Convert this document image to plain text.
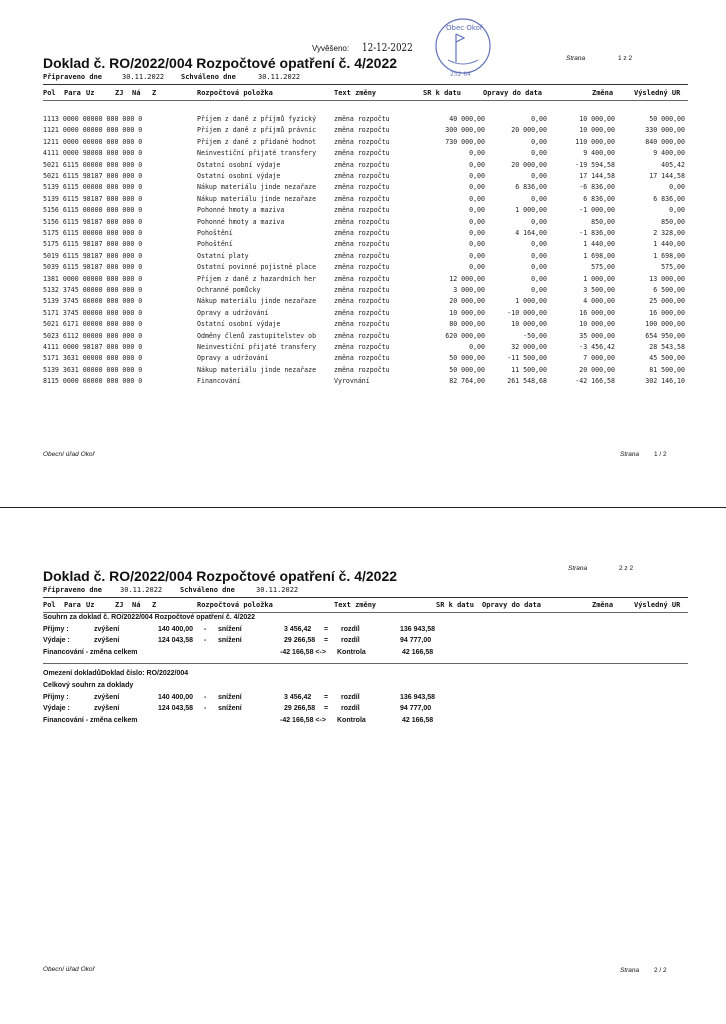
Vyvěšeno: 12-12-2022
Obec Okoř
252 64
Doklad č. RO/2022/004 Rozpočtové opatření č. 4/2022	Strana	1 z 2
Připraveno dne	30.11.2022 Schváleno dne	30.11.2022
Pol Para Uz	ZJ Ná Z	Rozpočtová položka	Text změny	SR k datu	Opravy do data	Změna	Výsledný UR
1113 0000 00000 000 000 0	Příjem z daně z příjmů fyzický	změna rozpočtu	40 000,00	0,00	10 000,00	50 000,00
1121 0000 00000 000 000 0	Příjem z daně z příjmů právnic	změna rozpočtu	300 000,00	20 000,00	10 000,00	330 000,00
1211 0000 00000 000 000 0	Příjem z daně z přidané hodnot	změna rozpočtu	730 000,00	0,00	110 000,00	840 000,00
4111 0000 98008 000 000 0	Neinvestiční přijaté transfery	změna rozpočtu	0,00	0,00	9 400,00	9 400,00
5021 6115 00000 000 000 0	Ostatní osobní výdaje	změna rozpočtu	0,00	20 000,00	-19 594,58	405,42
5021 6115 98187 000 000 0	Ostatní osobní výdaje	změna rozpočtu	0,00	0,00	17 144,58	17 144,58
5139 6115 00000 000 000 0	Nákup materiálu jinde nezařaze	změna rozpočtu	0,00	6 836,00	-6 836,00	0,00
5139 6115 98187 000 000 0	Nákup materiálu jinde nezařaze	změna rozpočtu	0,00	0,00	6 836,00	6 836,00
5156 6115 00000 000 000 0	Pohonné hmoty a maziva	změna rozpočtu	0,00	1 000,00	-1 000,00	0,00
5156 6115 98187 000 000 0	Pohonné hmoty a maziva	změna rozpočtu	0,00	0,00	850,00	850,00
5175 6115 00000 000 000 0	Pohoštění	změna rozpočtu	0,00	4 164,00	-1 836,00	2 328,00
5175 6115 98187 000 000 0	Pohoštění	změna rozpočtu	0,00	0,00	1 440,00	1 440,00
5019 6115 98187 000 000 0	Ostatní platy	změna rozpočtu	0,00	0,00	1 698,00	1 698,00
5039 6115 98187 000 000 0	Ostatní povinné pojistné place	změna rozpočtu	0,00	0,00	575,00	575,00
1381 0000 00000 000 000 0	Příjem z daně z hazardních her	změna rozpočtu	12 000,00	0,00	1 000,00	13 000,00
5132 3745 00000 000 000 0	Ochranné pomůcky	změna rozpočtu	3 000,00	0,00	3 500,00	6 500,00
5139 3745 00000 000 000 0	Nákup materiálu jinde nezařaze	změna rozpočtu	20 000,00	1 000,00	4 000,00	25 000,00
5171 3745 00000 000 000 0	Opravy a udržování	změna rozpočtu	10 000,00	-10 000,00	16 000,00	16 000,00
5021 6171 00000 000 000 0	Ostatní osobní výdaje	změna rozpočtu	80 000,00	10 000,00	10 000,00	100 000,00
5023 6112 00000 000 000 0	Odměny členů zastupitelstev ob	změna rozpočtu	620 000,00	-50,00	35 000,00	654 950,00
4111 0000 98187 000 000 0	Neinvestiční přijaté transfery	změna rozpočtu	0,00	32 000,00	-3 456,42	28 543,58
5171 3631 00000 000 000 0	Opravy a udržování	změna rozpočtu	50 000,00	-11 500,00	7 000,00	45 500,00
5139 3631 00000 000 000 0	Nákup materiálu jinde nezařaze	změna rozpočtu	50 000,00	11 500,00	20 000,00	81 500,00
8115 0000 00000 000 000 0	Financování	Vyrovnání	82 764,00	261 548,68	-42 166,58	302 146,10
Obecní úřad Okoř	Strana 1 / 2
Doklad č. RO/2022/004 Rozpočtové opatření č. 4/2022	Strana	2 z 2
Připraveno dne	30.11.2022	Schváleno dne	30.11.2022
Pol Para Uz	ZJ Ná Z	Rozpočtová položka	Text změny	SR k datu Opravy do data	Změna	Výsledný UR
Souhrn za doklad č. RO/2022/004 Rozpočtové opatření č. 4/2022
Příjmy :	zvýšení	140 400,00 - snížení	3 456,42 = rozdíl	136 943,58
Výdaje :	zvýšení	124 043,58 - snížení	29 266,58 = rozdíl	94 777,00
Financování - změna celkem	-42 166,58 <-> Kontrola	42 166,58
Omezení dokladů:
Doklad číslo: RO/2022/004
Celkový souhrn za doklady
Příjmy :	zvýšení	140 400,00 - snížení	3 456,42 = rozdíl	136 943,58
Výdaje :	zvýšení	124 043,58 - snížení	29 266,58 = rozdíl	94 777,00
Financování - změna celkem	-42 166,58 <-> Kontrola	42 166,58
Obecní úřad Okoř	Strana 2 / 2
